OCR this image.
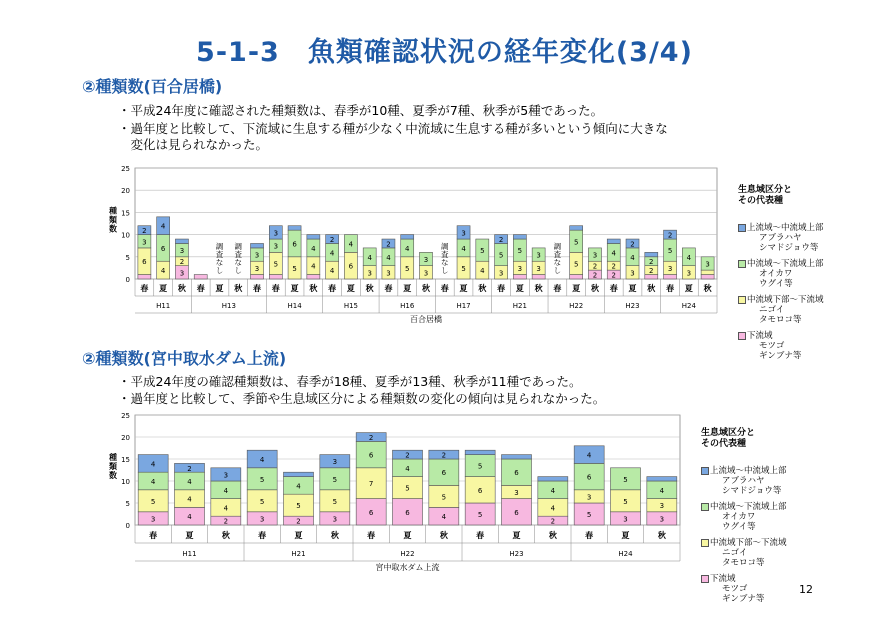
5-1-3　魚類確認状況の経年変化(3/4)
②種類数(百合居橋)
・平成24年度に確認された種類数は、春季が10種、夏季が7種、秋季が5種であった。
・過年度と比較して、下流域に生息する種が少なく中流域に生息する種が多いという傾向に大きな
　変化は見られなかった。
②種類数(宮中取水ダム上流)
・平成24年度の確認種類数は、春季が18種、夏季が13種、秋季が11種であった。
・過年度と比較して、季節や生息域区分による種類数の変化の傾向は見られなかった。
0
5
10
15
20
25
種
類
数
H11	H13	H14	H15	H16	H17	H21	H22	H23	H24
百合居橋
春
6
3
2
夏
4
6
4
秋
3
2
3
春 夏
調
査
な
し
秋
調
査
な
し
春
3
3
春
5
3
3
夏
5
6
秋
4
4
春
4
4
2
夏
6
4
秋
3
4
春
3
4
2
夏
5
4
秋
3
3
春
調
査
な
し
夏
5
4
3
秋
4
5
春
3
5
2
夏
3
5
秋
3
3
春
調
査
な
し
夏
5
5
秋
2
2
3
春
2
2
4
夏
3
4
2
秋
2
2
春
3
5
2
夏
3
4
秋
3
0
5
10
15
20
25
種
類
数
H11	H21	H22	H23	H24
宮中取水ダム上流
春
3
5
4
4
夏
4
4
4
2
秋
2
4
4
3
春
3
5
5
4
夏
2
5
4
秋
3
5
5
3
春
6
7
6
2
夏
6
5
4
2
秋
4
5
6
2
春
5
6
5
夏
6
3
6
秋
2
4
4
春
5
3
6
4
夏
3
5
5
秋
3
3
4
生息域区分と
その代表種
上流域～中流域上部
アブラハヤ
シマドジョウ等
中流域～下流域上部
オイカワ
ウグイ等
中流域下部～下流域
ニゴイ
タモロコ等
下流域
モツゴ
ギンブナ等
生息域区分と
その代表種
上流域～中流域上部
アブラハヤ
シマドジョウ等
中流域～下流域上部
オイカワ
ウグイ等
中流域下部～下流域
ニゴイ
タモロコ等
下流域
モツゴ
ギンブナ等
12
